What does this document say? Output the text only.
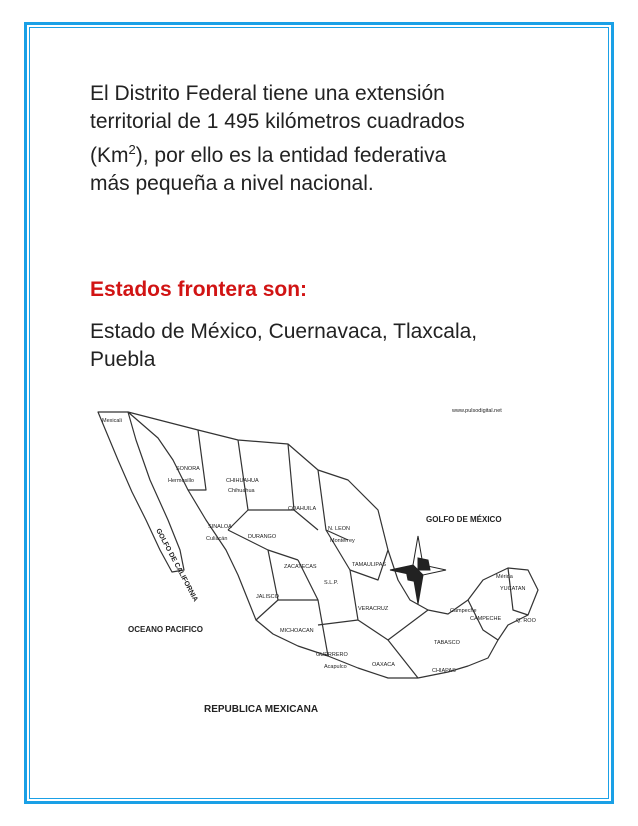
El Distrito Federal tiene una extensión
territorial de 1 495 kilómetros cuadrados
(Km$^2$), por ello es la entidad federativa
más pequeña a nivel nacional.
Estados frontera son:
Estado de México, Cuernavaca, Tlaxcala,
Puebla
www.pulsodigital.net
Mexicali
SONORA
CHIHUAHUA
Chihuahua
COAHUILA
N. LEON
TAMAULIPAS
DURANGO
SINALOA
ZACATECAS
S.L.P.
JALISCO
MICHOACAN
GUERRERO
OAXACA
CHIAPAS
VERACRUZ
YUCATAN
CAMPECHE	Q. ROO
TABASCO
Monterrey
Hermosillo
Culiacán
Acapulco
Campeche
Mérida
GOLFO DE CALIFORNIA
GOLFO DE MÉXICO
OCEANO PACIFICO
REPUBLICA MEXICANA
